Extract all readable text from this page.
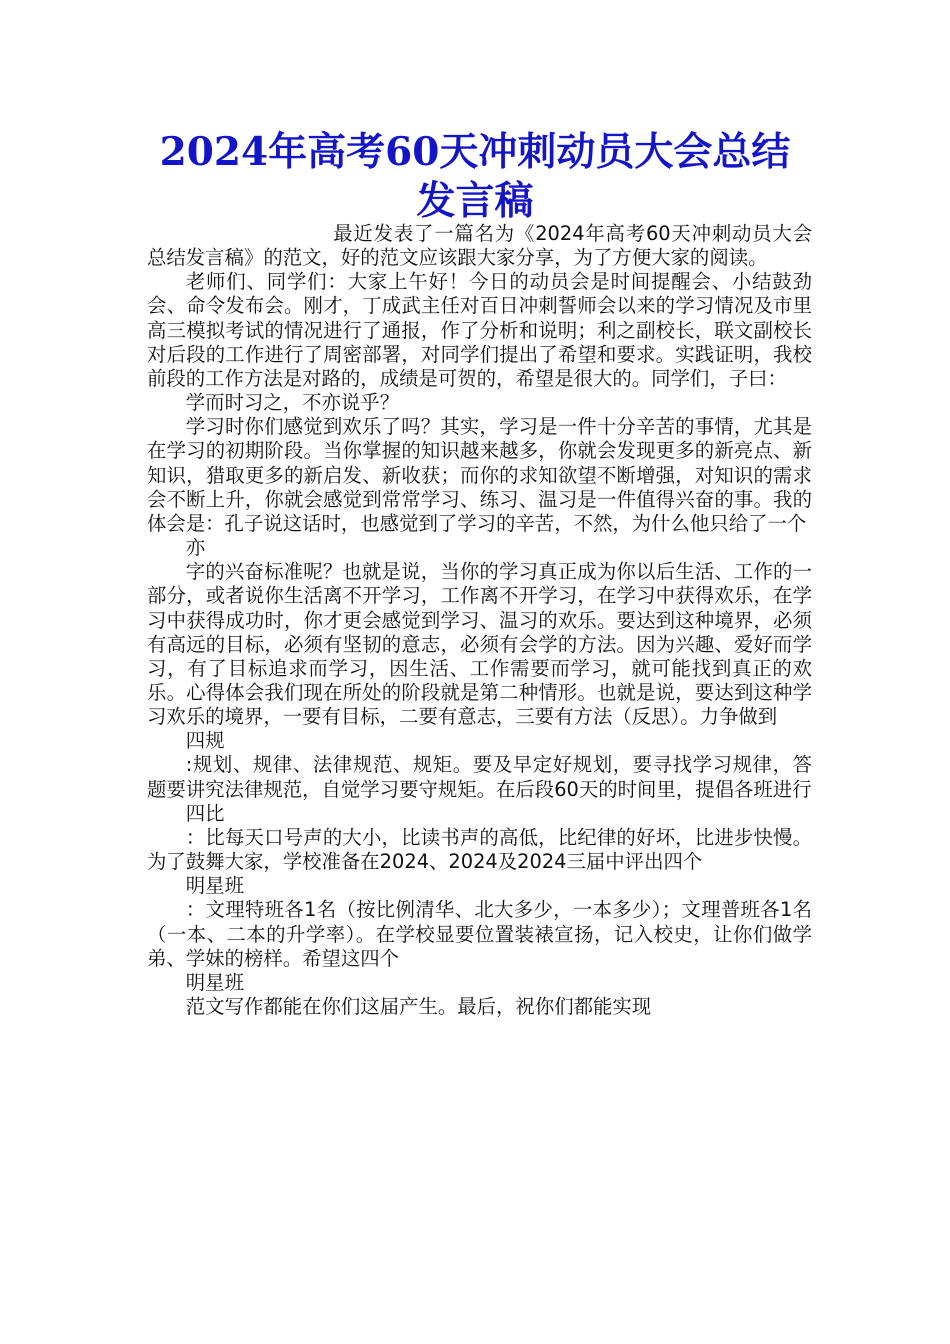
2024年高考60天冲刺动员大会总结
发言稿
最近发表了一篇名为《2024年高考60天冲刺动员大会总结发言稿》的范文，好的范文应该跟大家分享，为了方便大家的阅读。
老师们、同学们：大家上午好！今日的动员会是时间提醒会、小结鼓劲会、命令发布会。刚才，丁成武主任对百日冲刺誓师会以来的学习情况及市里高三模拟考试的情况进行了通报，作了分析和说明；利之副校长，联文副校长对后段的工作进行了周密部署，对同学们提出了希望和要求。实践证明，我校前段的工作方法是对路的，成绩是可贺的，希望是很大的。同学们，子曰：
学而时习之，不亦说乎？
学习时你们感觉到欢乐了吗？其实，学习是一件十分辛苦的事情，尤其是在学习的初期阶段。当你掌握的知识越来越多，你就会发现更多的新亮点、新知识，猎取更多的新启发、新收获；而你的求知欲望不断增强，对知识的需求会不断上升，你就会感觉到常常学习、练习、温习是一件值得兴奋的事。我的体会是：孔子说这话时，也感觉到了学习的辛苦，不然，为什么他只给了一个
亦
字的兴奋标准呢？也就是说，当你的学习真正成为你以后生活、工作的一部分，或者说你生活离不开学习，工作离不开学习，在学习中获得欢乐，在学习中获得成功时，你才更会感觉到学习、温习的欢乐。要达到这种境界，必须有高远的目标，必须有坚韧的意志，必须有会学的方法。因为兴趣、爱好而学习，有了目标追求而学习，因生活、工作需要而学习，就可能找到真正的欢乐。心得体会我们现在所处的阶段就是第二种情形。也就是说，要达到这种学习欢乐的境界，一要有目标，二要有意志，三要有方法（反思）。力争做到
四规
:规划、规律、法律规范、规矩。要及早定好规划，要寻找学习规律，答题要讲究法律规范，自觉学习要守规矩。在后段60天的时间里，提倡各班进行
四比
：比每天口号声的大小，比读书声的高低，比纪律的好坏，比进步快慢。为了鼓舞大家，学校准备在2024、2024及2024三届中评出四个
明星班
：文理特班各1名（按比例清华、北大多少，一本多少）；文理普班各1名（一本、二本的升学率）。在学校显要位置装裱宣扬，记入校史，让你们做学弟、学妹的榜样。希望这四个
明星班
范文写作都能在你们这届产生。最后，祝你们都能实现
